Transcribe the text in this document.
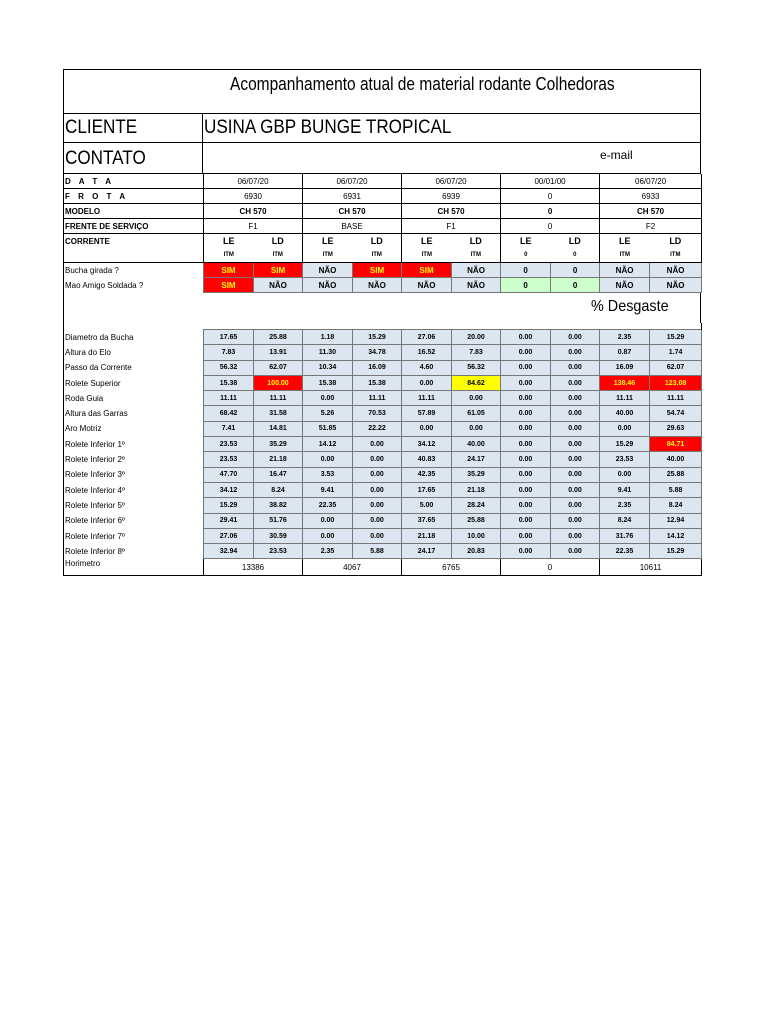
Acompanhamento atual de material rodante Colhedoras
CLIENTE	USINA GBP BUNGE TROPICAL
CONTATO	e-mail
D A T A	06/07/20		06/07/20		06/07/20		00/01/00		06/07/20	
F R O T A	6930		6931		6939		0		6933	
MODELO	CH 570		CH 570		CH 570		0		CH 570	
FRENTE DE SERVIÇO	F1		BASE		F1		0		F2	
CORRENTE	LE	LD	LE	LD	LE	LD	LE	LD	LE	LD
	ITM	ITM	ITM	ITM	ITM	ITM	0	0	ITM	ITM
Bucha girada ?	SIM	SIM	NÃO	SIM	SIM	NÃO	0	0	NÃO	NÃO
Mao Amigo Soldada ?	SIM	NÃO	NÃO	NÃO	NÃO	NÃO	0	0	NÃO	NÃO
% Desgaste

Diametro da Bucha	17.65	25.88	1.18	15.29	27.06	20.00	0.00	0.00	2.35	15.29
Altura do Elo	7.83	13.91	11.30	34.78	16.52	7.83	0.00	0.00	0.87	1.74
Passo da Corrente	56.32	62.07	10.34	16.09	4.60	56.32	0.00	0.00	16.09	62.07
Rolete Superior	15.38	100.00	15.38	15.38	0.00	84.62	0.00	0.00	138.46	123.08
Roda Guia	11.11	11.11	0.00	11.11	11.11	0.00	0.00	0.00	11.11	11.11
Altura das Garras	68.42	31.58	5.26	70.53	57.89	61.05	0.00	0.00	40.00	54.74
Aro Motriz	7.41	14.81	51.85	22.22	0.00	0.00	0.00	0.00	0.00	29.63
Rolete Inferior 1º	23.53	35.29	14.12	0.00	34.12	40.00	0.00	0.00	15.29	84.71
Rolete Inferior 2º	23.53	21.18	0.00	0.00	40.83	24.17	0.00	0.00	23.53	40.00
Rolete Inferior 3º	47.70	16.47	3.53	0.00	42.35	35.29	0.00	0.00	0.00	25.88
Rolete Inferior 4º	34.12	8.24	9.41	0.00	17.65	21.18	0.00	0.00	9.41	5.88
Rolete Inferior 5º	15.29	38.82	22.35	0.00	5.00	28.24	0.00	0.00	2.35	8.24
Rolete Inferior 6º	29.41	51.76	0.00	0.00	37.65	25.88	0.00	0.00	8.24	12.94
Rolete Inferior 7º	27.06	30.59	0.00	0.00	21.18	10.00	0.00	0.00	31.76	14.12
Rolete Inferior 8º	32.94	23.53	2.35	5.88	24.17	20.83	0.00	0.00	22.35	15.29
Horimetro	13386		4067		6765		0		10611	
